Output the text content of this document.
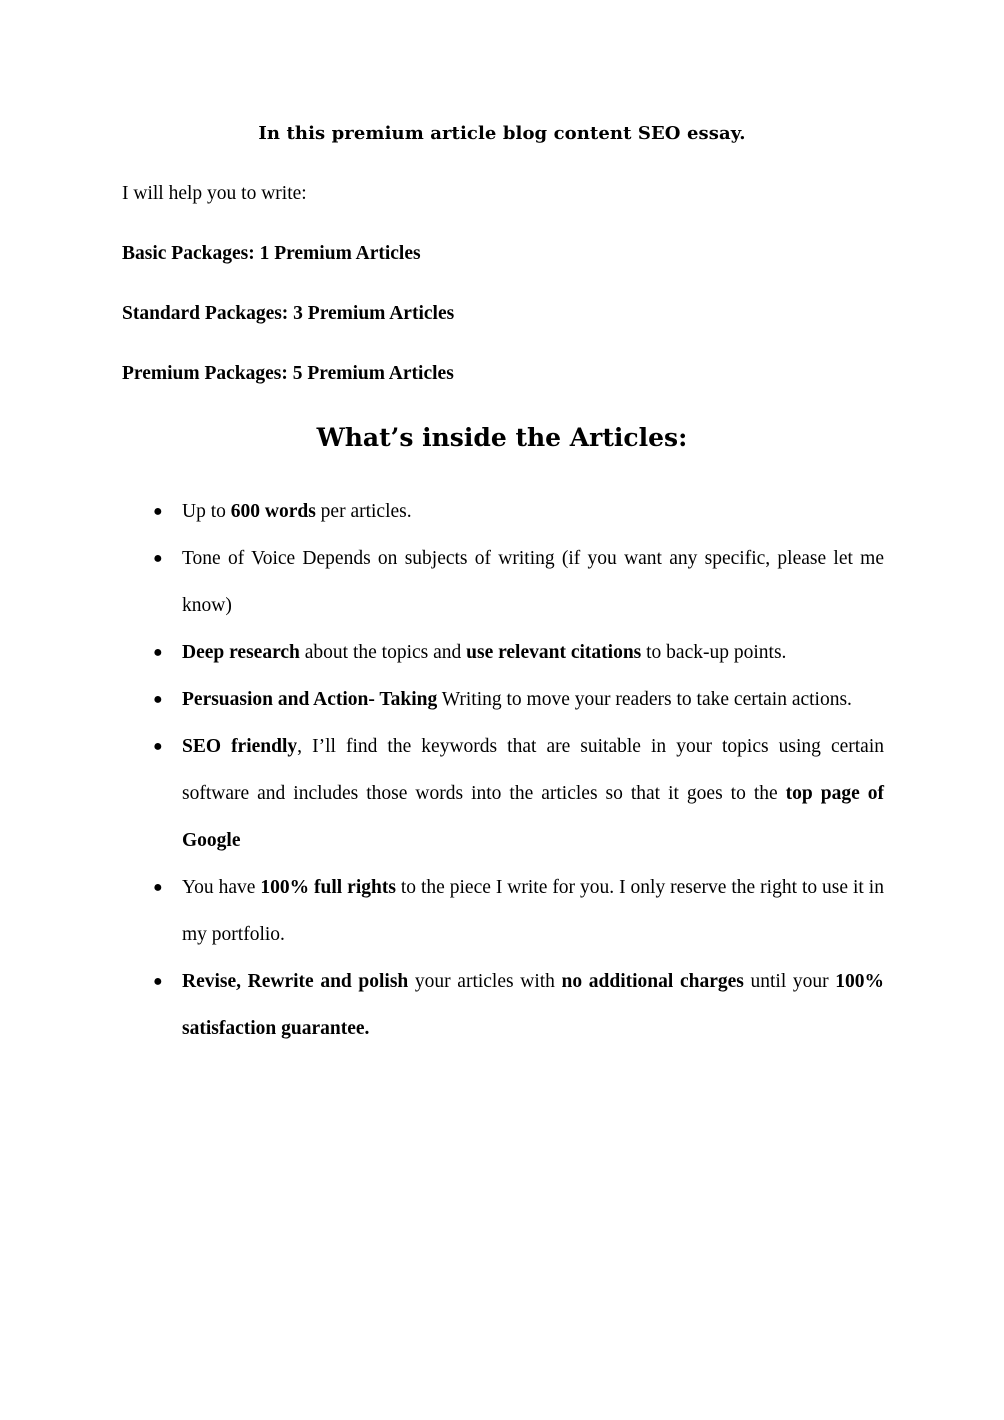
In this premium article blog content SEO essay.
I will help you to write:
Basic Packages: 1 Premium Articles
Standard Packages: 3 Premium Articles
Premium Packages: 5 Premium Articles
What’s inside the Articles:
● Up to 600 words per articles.
● Tone of Voice Depends on subjects of writing (if you want any specific, please let me know)
● Deep research about the topics and use relevant citations to back-up points.
● Persuasion and Action- Taking Writing to move your readers to take certain actions.
● SEO friendly, I’ll find the keywords that are suitable in your topics using certain software and includes those words into the articles so that it goes to the top page of Google
● You have 100% full rights to the piece I write for you. I only reserve the right to use it in my portfolio.
● Revise, Rewrite and polish your articles with no additional charges until your 100% satisfaction guarantee.
